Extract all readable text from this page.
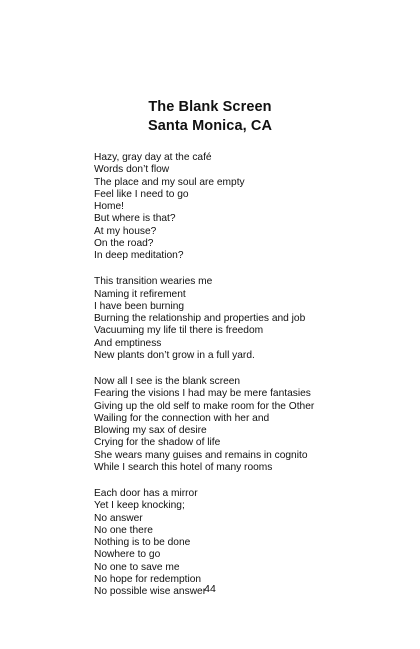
The Blank Screen
Santa Monica, CA
Hazy, gray day at the café
Words don’t flow
The place and my soul are empty
Feel like I need to go
Home!
But where is that?
At my house?
On the road?
In deep meditation?
This transition wearies me
Naming it refirement
I have been burning
Burning the relationship and properties and job
Vacuuming my life til there is freedom
And emptiness
New plants don’t grow in a full yard.
Now all I see is the blank screen
Fearing the visions I had may be mere fantasies
Giving up the old self to make room for the Other
Wailing for the connection with her and
Blowing my sax of desire
Crying for the shadow of life
She wears many guises and remains in cognito
While I search this hotel of many rooms
Each door has a mirror
Yet I keep knocking;
No answer
No one there
Nothing is to be done
Nowhere to go
No one to save me
No hope for redemption
No possible wise answer
44
